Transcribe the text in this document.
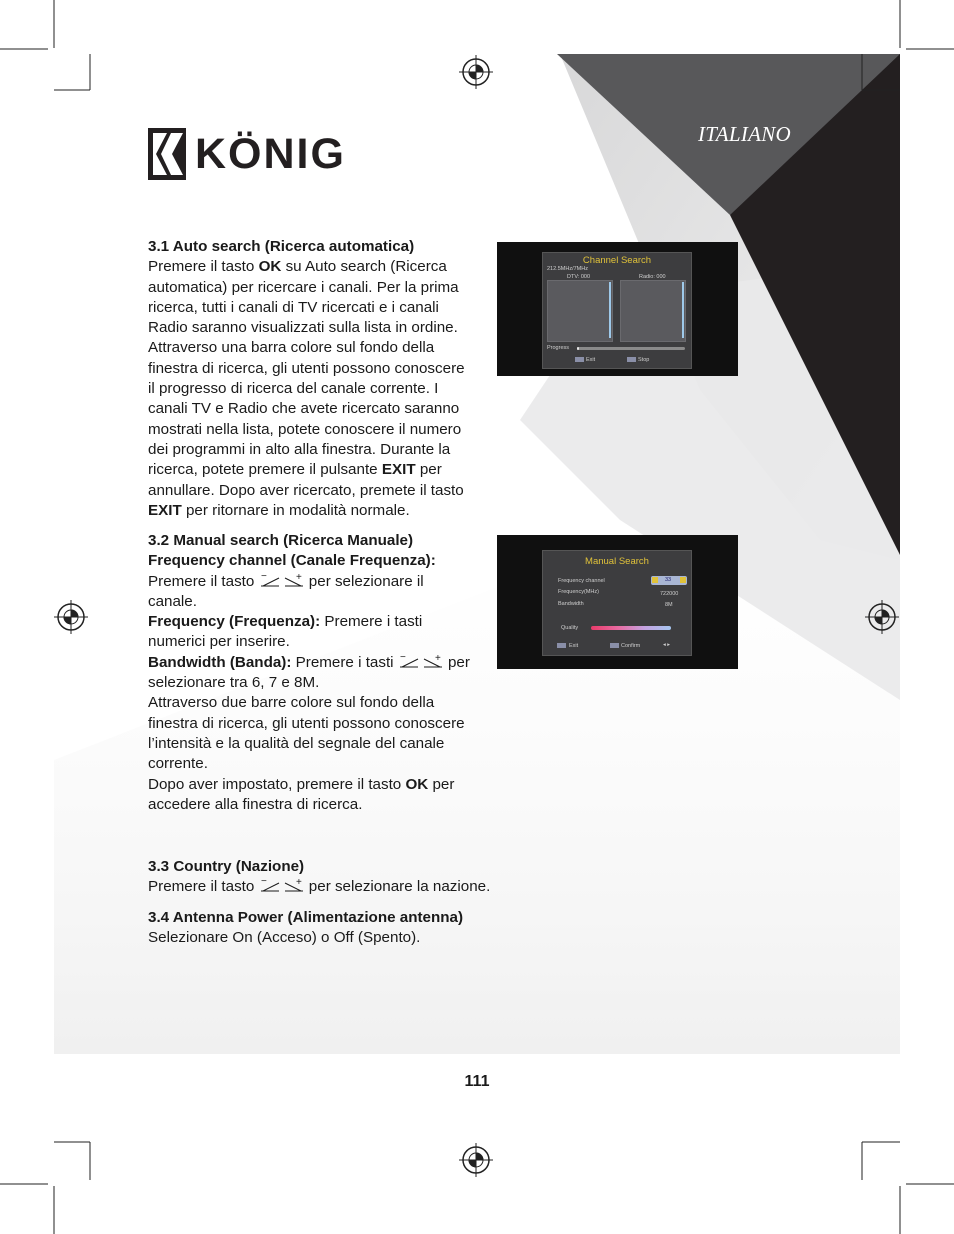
KÖNIG	ITALIANO

3.1 Auto search (Ricerca automatica)

Premere il tasto OK su Auto search (Ricerca

automatica) per ricercare i canali. Per la prima

ricerca, tutti i canali di TV ricercati e i canali

Radio saranno visualizzati sulla lista in ordine.

Attraverso una barra colore sul fondo della

finestra di ricerca, gli utenti possono conoscere

il progresso di ricerca del canale corrente. I

canali TV e Radio che avete ricercato saranno

mostrati nella lista, potete conoscere il numero

dei programmi in alto alla finestra. Durante la

ricerca, potete premere il pulsante EXIT per

annullare. Dopo aver ricercato, premete il tasto

EXIT per ritornare in modalità normale.

3.2 Manual search (Ricerca Manuale)

Frequency channel (Canale Frequenza):

Premere il tasto −	+ per selezionare il

canale.

Frequency (Frequenza): Premere i tasti

numerici per inserire.

Bandwidth (Banda): Premere i tasti −	+ per

selezionare tra 6, 7 e 8M.

Attraverso due barre colore sul fondo della

finestra di ricerca, gli utenti possono conoscere

l’intensità e la qualità del segnale del canale

corrente.

Dopo aver impostato, premere il tasto OK per

accedere alla finestra di ricerca.

3.3 Country (Nazione)

Premere il tasto −	+ per selezionare la nazione.

3.4 Antenna Power (Alimentazione antenna)

Selezionare On (Acceso) o Off (Spento).

Channel Search
212.5MHz/7MHz
DTV: 000	Radio: 000
Progress
Exit	Stop
Manual Search
Frequency channel
Frequency(MHz)
Bandwidth
33
722000
8M
Quality
Exit	Confirm	◂ ▸
111
